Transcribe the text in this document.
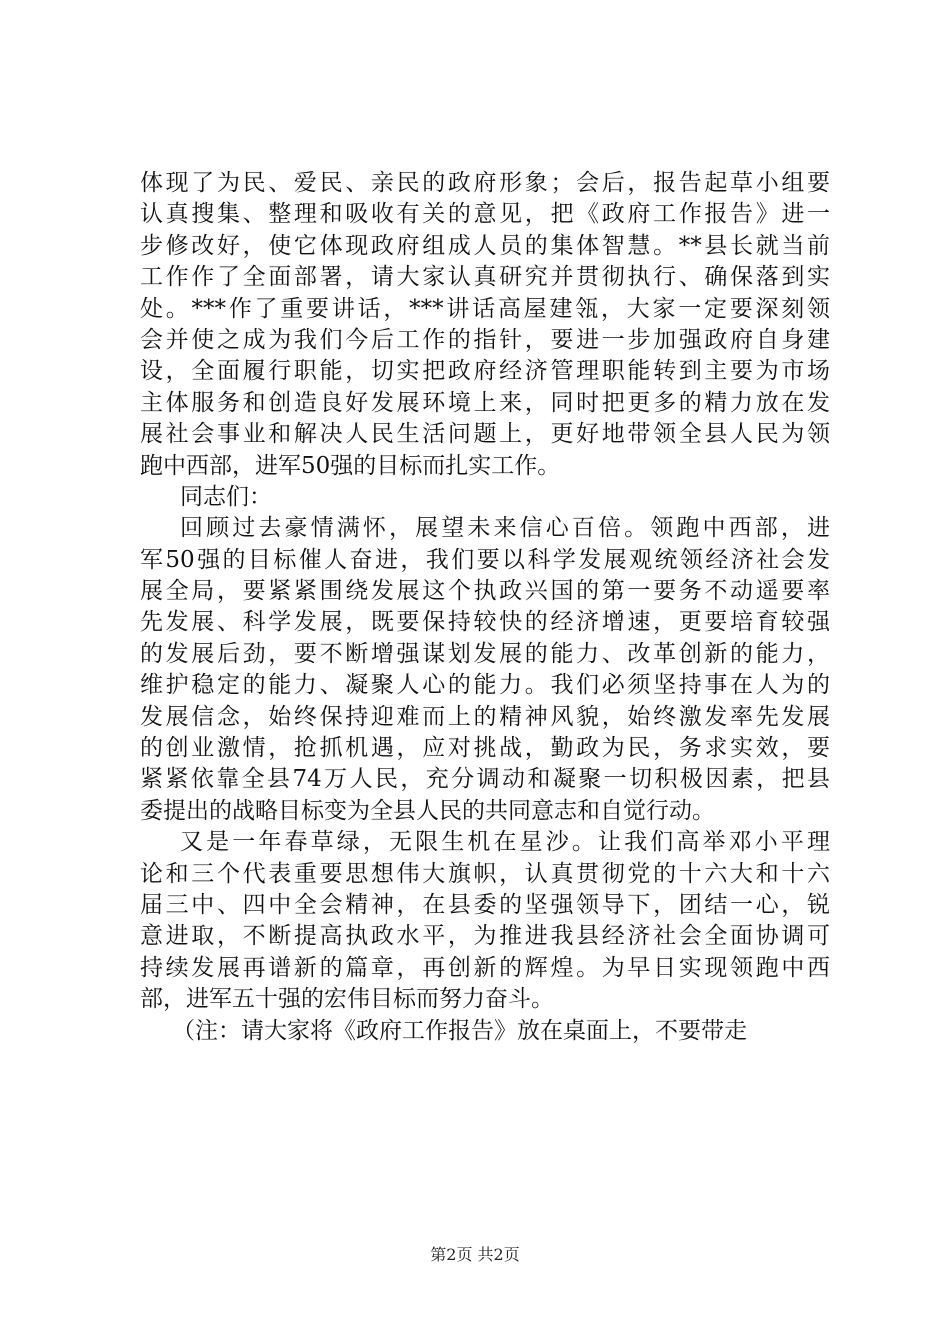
体现了为民、爱民、亲民的政府形象；会后，报告起草小组要
认真搜集、整理和吸收有关的意见，把《政府工作报告》进一
步修改好，使它体现政府组成人员的集体智慧。**县长就当前
工作作了全面部署，请大家认真研究并贯彻执行、确保落到实
处。***作了重要讲话，***讲话高屋建瓴，大家一定要深刻领
会并使之成为我们今后工作的指针，要进一步加强政府自身建
设，全面履行职能，切实把政府经济管理职能转到主要为市场
主体服务和创造良好发展环境上来，同时把更多的精力放在发
展社会事业和解决人民生活问题上，更好地带领全县人民为领
跑中西部，进军50强的目标而扎实工作。
同志们：
回顾过去豪情满怀，展望未来信心百倍。领跑中西部，进
军50强的目标催人奋进，我们要以科学发展观统领经济社会发
展全局，要紧紧围绕发展这个执政兴国的第一要务不动遥要率
先发展、科学发展，既要保持较快的经济增速，更要培育较强
的发展后劲，要不断增强谋划发展的能力、改革创新的能力，
维护稳定的能力、凝聚人心的能力。我们必须坚持事在人为的
发展信念，始终保持迎难而上的精神风貌，始终激发率先发展
的创业激情，抢抓机遇，应对挑战，勤政为民，务求实效，要
紧紧依靠全县74万人民，充分调动和凝聚一切积极因素，把县
委提出的战略目标变为全县人民的共同意志和自觉行动。
又是一年春草绿，无限生机在星沙。让我们高举邓小平理
论和三个代表重要思想伟大旗帜，认真贯彻党的十六大和十六
届三中、四中全会精神，在县委的坚强领导下，团结一心，锐
意进取，不断提高执政水平，为推进我县经济社会全面协调可
持续发展再谱新的篇章，再创新的辉煌。为早日实现领跑中西
部，进军五十强的宏伟目标而努力奋斗。
（注：请大家将《政府工作报告》放在桌面上，不要带走
第2页 共2页
